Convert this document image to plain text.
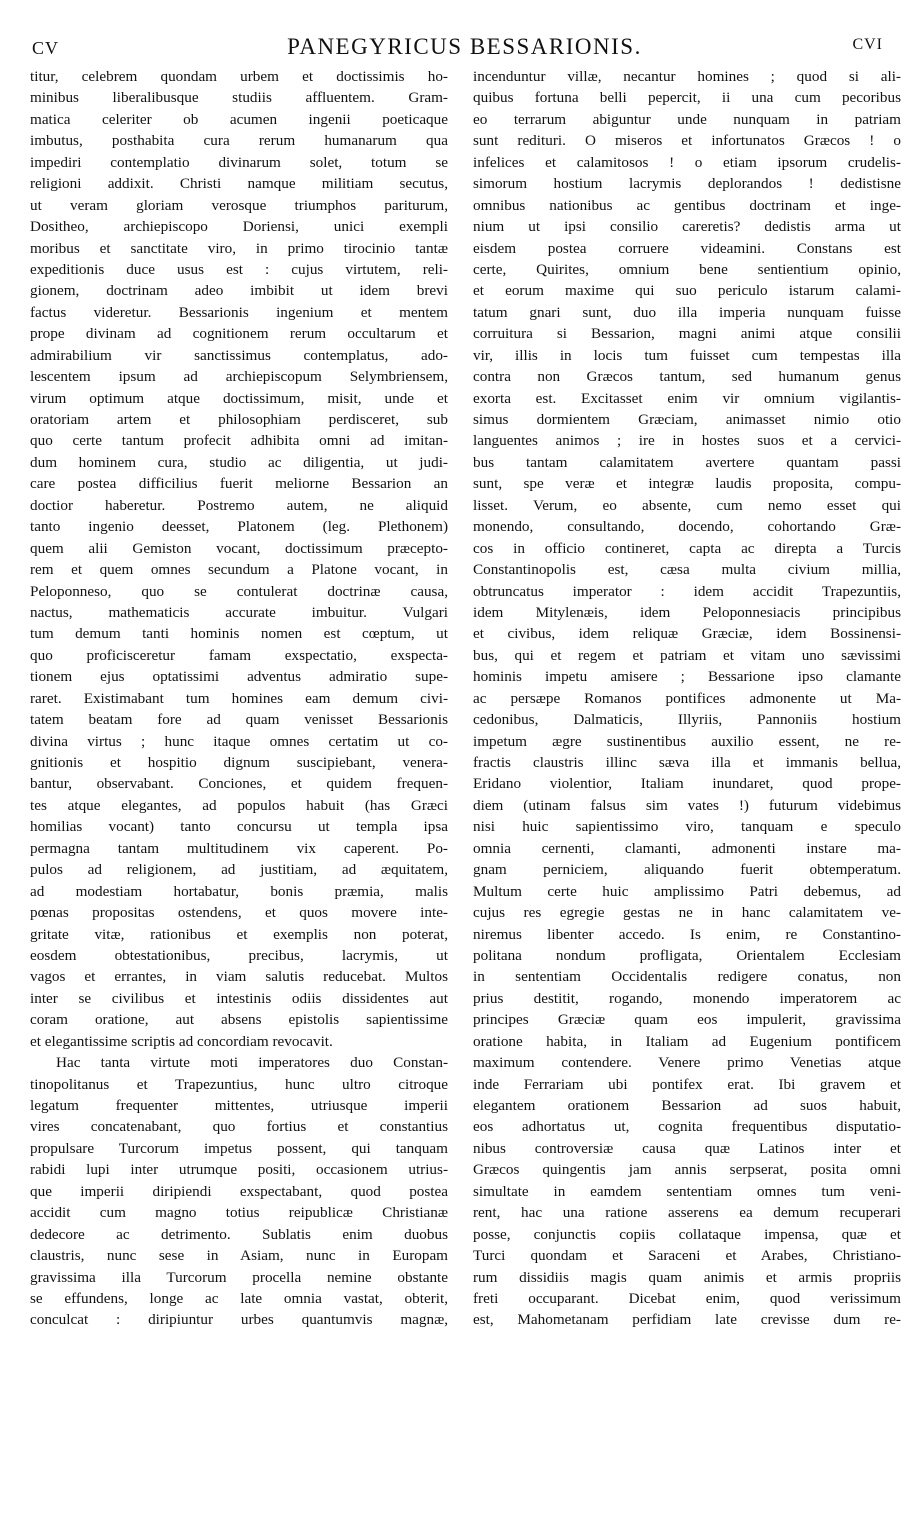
CV	PANEGYRICUS BESSARIONIS.	CVI
titur, celebrem quondam urbem et doctissimis ho-
minibus liberalibusque studiis affluentem. Gram-
matica celeriter ob acumen ingenii poeticaque
imbutus, posthabita cura rerum humanarum qua
impediri contemplatio divinarum solet, totum se
religioni addixit. Christi namque militiam secutus,
ut veram gloriam verosque triumphos pariturum,
Dositheo, archiepiscopo Doriensi, unici exempli
moribus et sanctitate viro, in primo tirocinio tantæ
expeditionis duce usus est : cujus virtutem, reli-
gionem, doctrinam adeo imbibit ut idem brevi
factus videretur. Bessarionis ingenium et mentem
prope divinam ad cognitionem rerum occultarum et
admirabilium vir sanctissimus contemplatus, ado-
lescentem ipsum ad archiepiscopum Selymbriensem,
virum optimum atque doctissimum, misit, unde et
oratoriam artem et philosophiam perdisceret, sub
quo certe tantum profecit adhibita omni ad imitan-
dum hominem cura, studio ac diligentia, ut judi-
care postea difficilius fuerit meliorne Bessarion an
doctior haberetur. Postremo autem, ne aliquid
tanto ingenio deesset, Platonem (leg. Plethonem)
quem alii Gemiston vocant, doctissimum præcepto-
rem et quem omnes secundum a Platone vocant, in
Peloponneso, quo se contulerat doctrinæ causa,
nactus, mathematicis accurate imbuitur. Vulgari
tum demum tanti hominis nomen est cœptum, ut
quo proficisceretur famam exspectatio, exspecta-
tionem ejus optatissimi adventus admiratio supe-
raret. Existimabant tum homines eam demum civi-
tatem beatam fore ad quam venisset Bessarionis
divina virtus ; hunc itaque omnes certatim ut co-
gnitionis et hospitio dignum suscipiebant, venera-
bantur, observabant. Conciones, et quidem frequen-
tes atque elegantes, ad populos habuit (has Græci
homilias vocant) tanto concursu ut templa ipsa
permagna tantam multitudinem vix caperent. Po-
pulos ad religionem, ad justitiam, ad æquitatem,
ad modestiam hortabatur, bonis præmia, malis
pœnas propositas ostendens, et quos movere inte-
gritate vitæ, rationibus et exemplis non poterat,
eosdem obtestationibus, precibus, lacrymis, ut
vagos et errantes, in viam salutis reducebat. Multos
inter se civilibus et intestinis odiis dissidentes aut
coram oratione, aut absens epistolis sapientissime
et elegantissime scriptis ad concordiam revocavit.
Hac tanta virtute moti imperatores duo Constan-
tinopolitanus et Trapezuntius, hunc ultro citroque
legatum frequenter mittentes, utriusque imperii
vires concatenabant, quo fortius et constantius
propulsare Turcorum impetus possent, qui tanquam
rabidi lupi inter utrumque positi, occasionem utrius-
que imperii diripiendi exspectabant, quod postea
accidit cum magno totius reipublicæ Christianæ
dedecore ac detrimento. Sublatis enim duobus
claustris, nunc sese in Asiam, nunc in Europam
gravissima illa Turcorum procella nemine obstante
se effundens, longe ac late omnia vastat, obterit,
conculcat : diripiuntur urbes quantumvis magnæ,
incenduntur villæ, necantur homines ; quod si ali-
quibus fortuna belli pepercit, ii una cum pecoribus
eo terrarum abiguntur unde nunquam in patriam
sunt redituri. O miseros et infortunatos Græcos ! o
infelices et calamitosos ! o etiam ipsorum crudelis-
simorum hostium lacrymis deplorandos ! dedistisne
omnibus nationibus ac gentibus doctrinam et inge-
nium ut ipsi consilio careretis? dedistis arma ut
eisdem postea corruere videamini. Constans est
certe, Quirites, omnium bene sentientium opinio,
et eorum maxime qui suo periculo istarum calami-
tatum gnari sunt, duo illa imperia nunquam fuisse
corruitura si Bessarion, magni animi atque consilii
vir, illis in locis tum fuisset cum tempestas illa
contra non Græcos tantum, sed humanum genus
exorta est. Excitasset enim vir omnium vigilantis-
simus dormientem Græciam, animasset nimio otio
languentes animos ; ire in hostes suos et a cervici-
bus tantam calamitatem avertere quantam passi
sunt, spe veræ et integræ laudis proposita, compu-
lisset. Verum, eo absente, cum nemo esset qui
monendo, consultando, docendo, cohortando Græ-
cos in officio contineret, capta ac direpta a Turcis
Constantinopolis est, cæsa multa civium millia,
obtruncatus imperator : idem accidit Trapezuntiis,
idem Mitylenæis, idem Peloponnesiacis principibus
et civibus, idem reliquæ Græciæ, idem Bossinensi-
bus, qui et regem et patriam et vitam uno sævissimi
hominis impetu amisere ; Bessarione ipso clamante
ac persæpe Romanos pontifices admonente ut Ma-
cedonibus, Dalmaticis, Illyriis, Pannoniis hostium
impetum ægre sustinentibus auxilio essent, ne re-
fractis claustris illinc sæva illa et immanis bellua,
Eridano violentior, Italiam inundaret, quod prope-
diem (utinam falsus sim vates !) futurum videbimus
nisi huic sapientissimo viro, tanquam e speculo
omnia cernenti, clamanti, admonenti instare ma-
gnam perniciem, aliquando fuerit obtemperatum.
Multum certe huic amplissimo Patri debemus, ad
cujus res egregie gestas ne in hanc calamitatem ve-
niremus libenter accedo. Is enim, re Constantino-
politana nondum profligata, Orientalem Ecclesiam
in sententiam Occidentalis redigere conatus, non
prius destitit, rogando, monendo imperatorem ac
principes Græciæ quam eos impulerit, gravissima
oratione habita, in Italiam ad Eugenium pontificem
maximum contendere. Venere primo Venetias atque
inde Ferrariam ubi pontifex erat. Ibi gravem et
elegantem orationem Bessarion ad suos habuit,
eos adhortatus ut, cognita frequentibus disputatio-
nibus controversiæ causa quæ Latinos inter et
Græcos quingentis jam annis serpserat, posita omni
simultate in eamdem sententiam omnes tum veni-
rent, hac una ratione asserens ea demum recuperari
posse, conjunctis copiis collataque impensa, quæ et
Turci quondam et Saraceni et Arabes, Christiano-
rum dissidiis magis quam animis et armis propriis
freti occuparant. Dicebat enim, quod verissimum
est, Mahometanam perfidiam late crevisse dum re-
